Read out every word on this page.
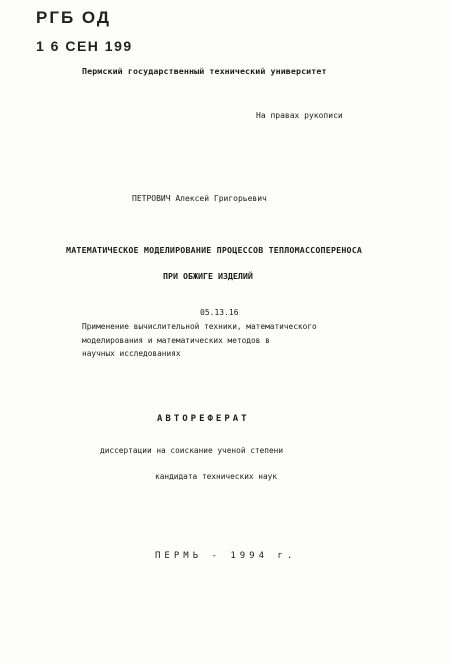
РГБ ОД
1 6 СЕН 199
Пермский государственный технический университет
На правах рукописи
ПЕТРОВИЧ Алексей Григорьевич
МАТЕМАТИЧЕСКОЕ МОДЕЛИРОВАНИЕ ПРОЦЕССОВ ТЕПЛОМАССОПЕРЕНОСА
ПРИ ОБЖИГЕ ИЗДЕЛИЙ
05.13.16
Применение вычислительной техники, математического
моделирования и математических методов в
научных исследованиях
АВТОРЕФЕРАТ
диссертации на соискание ученой степени
кандидата технических наук
ПЕРМЬ - 1994 г.
